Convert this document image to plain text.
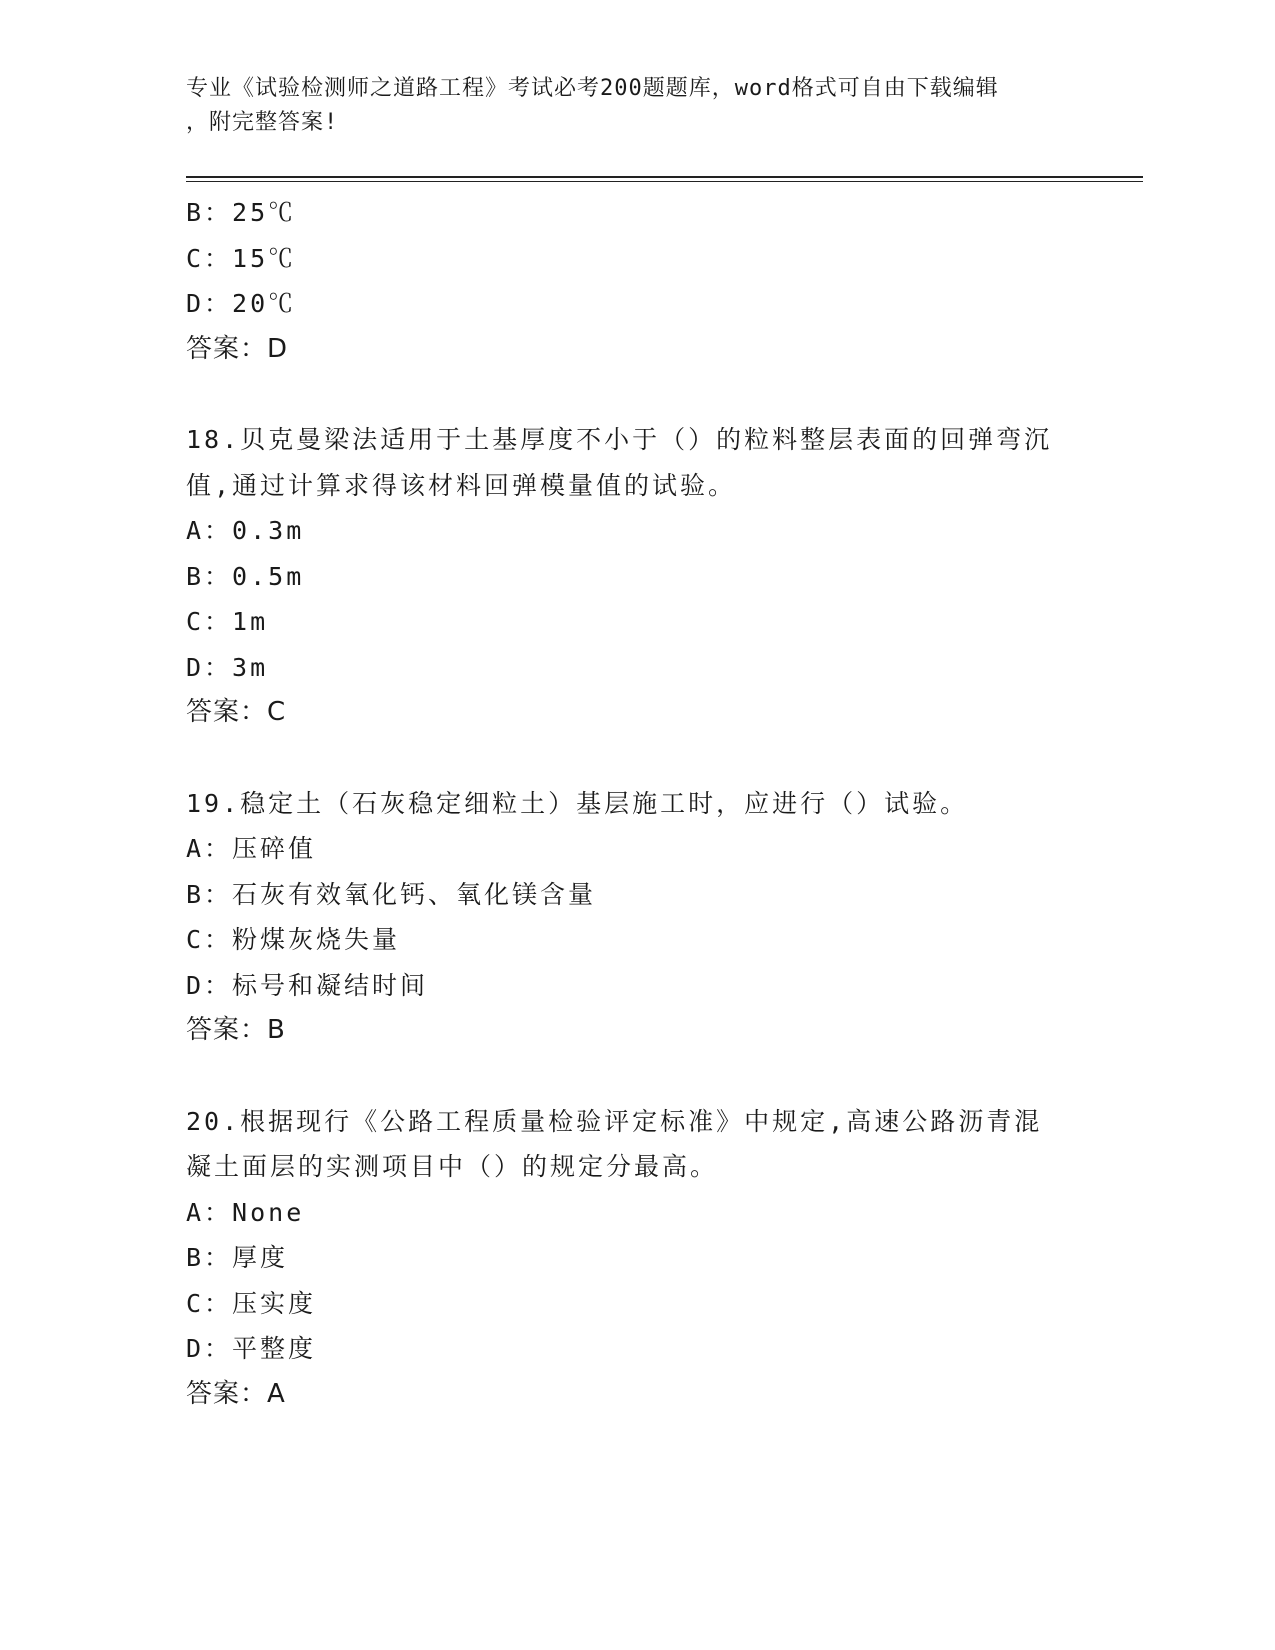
专业《试验检测师之道路工程》考试必考200题题库，word格式可自由下载编辑
，附完整答案!
B：25℃
C：15℃
D：20℃
答案：D
18.贝克曼梁法适用于土基厚度不小于（）的粒料整层表面的回弹弯沉
值,通过计算求得该材料回弹模量值的试验。
A：0.3m
B：0.5m
C：1m
D：3m
答案：C
19.稳定土（石灰稳定细粒土）基层施工时，应进行（）试验。
A：压碎值
B：石灰有效氧化钙、氧化镁含量
C：粉煤灰烧失量
D：标号和凝结时间
答案：B
20.根据现行《公路工程质量检验评定标准》中规定,高速公路沥青混
凝土面层的实测项目中（）的规定分最高。
A：None
B：厚度
C：压实度
D：平整度
答案：A
